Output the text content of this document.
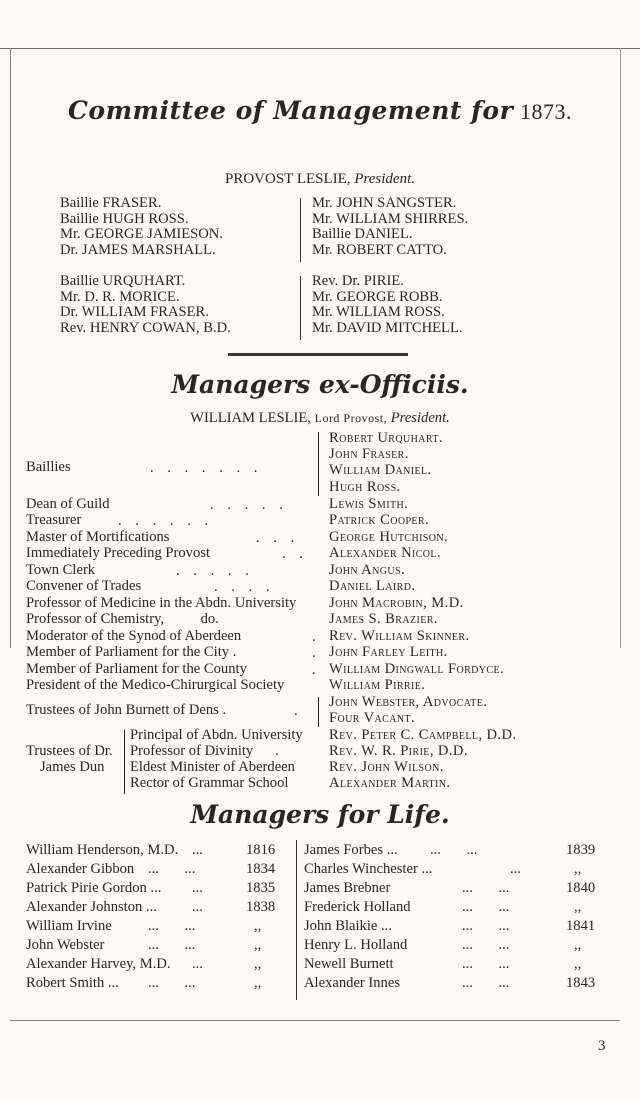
Committee of Management for 1873.
PROVOST LESLIE, President.
Baillie FRASER.
Baillie HUGH ROSS.
Mr. GEORGE JAMIESON.
Dr. JAMES MARSHALL.
Mr. JOHN SANGSTER.
Mr. WILLIAM SHIRRES.
Baillie DANIEL.
Mr. ROBERT CATTO.
Baillie URQUHART.
Mr. D. R. MORICE.
Dr. WILLIAM FRASER.
Rev. HENRY COWAN, B.D.
Rev. Dr. PIRIE.
Mr. GEORGE ROBB.
Mr. WILLIAM ROSS.
Mr. DAVID MITCHELL.
Managers ex-Officiis.
WILLIAM LESLIE, Lord Provost, President.
Baillies	. . . . . . .
Robert Urquhart.
John Fraser.
William Daniel.
Hugh Ross.
Dean of Guild	. . . . .	Lewis Smith.
Treasurer	. . . . . .	Patrick Cooper.
Master of Mortifications	. . . George Hutchison.
Immediately Preceding Provost	. . Alexander Nicol.
Town Clerk	. . . . .	John Angus.
Convener of Trades	. . . .	Daniel Laird.
Professor of Medicine in the Abdn. University John Macrobin, M.D.
Professor of Chemistry,          do.	James S. Brazier.
Moderator of the Synod of Aberdeen	. Rev. William Skinner.
Member of Parliament for the City .	. John Farley Leith.
Member of Parliament for the County	. William Dingwall Fordyce.
President of the Medico-Chirurgical Society	William Pirrie.
Trustees of John Burnett of Dens .	.
John Webster, Advocate.
Four Vacant.
Trustees of Dr.
James Dun
Principal of Abdn. University Rev. Peter C. Campbell, D.D.
Professor of Divinity      .	Rev. W. R. Pirie, D.D.
Eldest Minister of Aberdeen Rev. John Wilson.
Rector of Grammar School	Alexander Martin.
Managers for Life.
William Henderson, M.D. ...	1816
Alexander Gibbon ...       ...	1834
Patrick Pirie Gordon ... ...	1835
Alexander Johnston ... ...	1838
William Irvine ...       ...	,,
John Webster	...       ...	,,
Alexander Harvey, M.D. ...	,,
Robert Smith ... ...       ...	,,
James Forbes ... ...       ...	1839
Charles Winchester ...	...	,,
James Brebner	...       ...	1840
Frederick Holland	...       ...	,,
John Blaikie ...	...       ...	1841
Henry L. Holland	...       ...	,,
Newell Burnett	...       ...	,,
Alexander Innes	...       ...	1843
3
